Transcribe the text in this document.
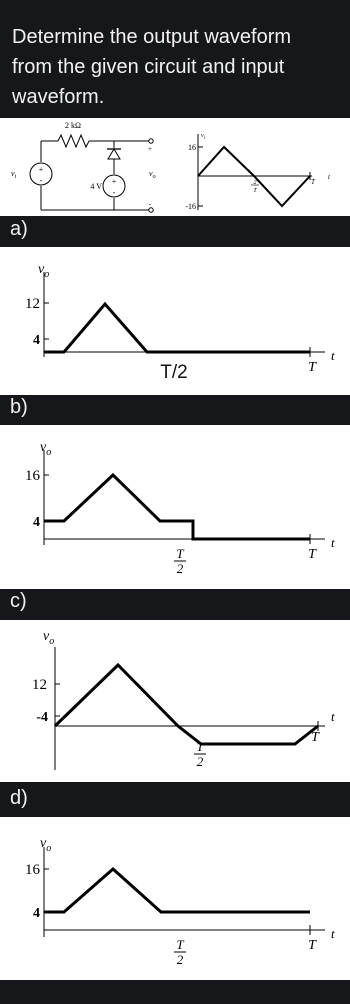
Determine the output waveform from the given circuit and input waveform.

2 kΩ
4 V
+
-
+
-
$v_i$	$v_o$
+
-
$v_i$
16
-16
2
T
T
t
a)
$v_o$
12
4
T/2	T
t
b)
$v_o$
16
4
T
2
T
t
c)
$v_o$
12
-4
T
2
T
t
d)
$v_o$
16
4
T
2
T
t
